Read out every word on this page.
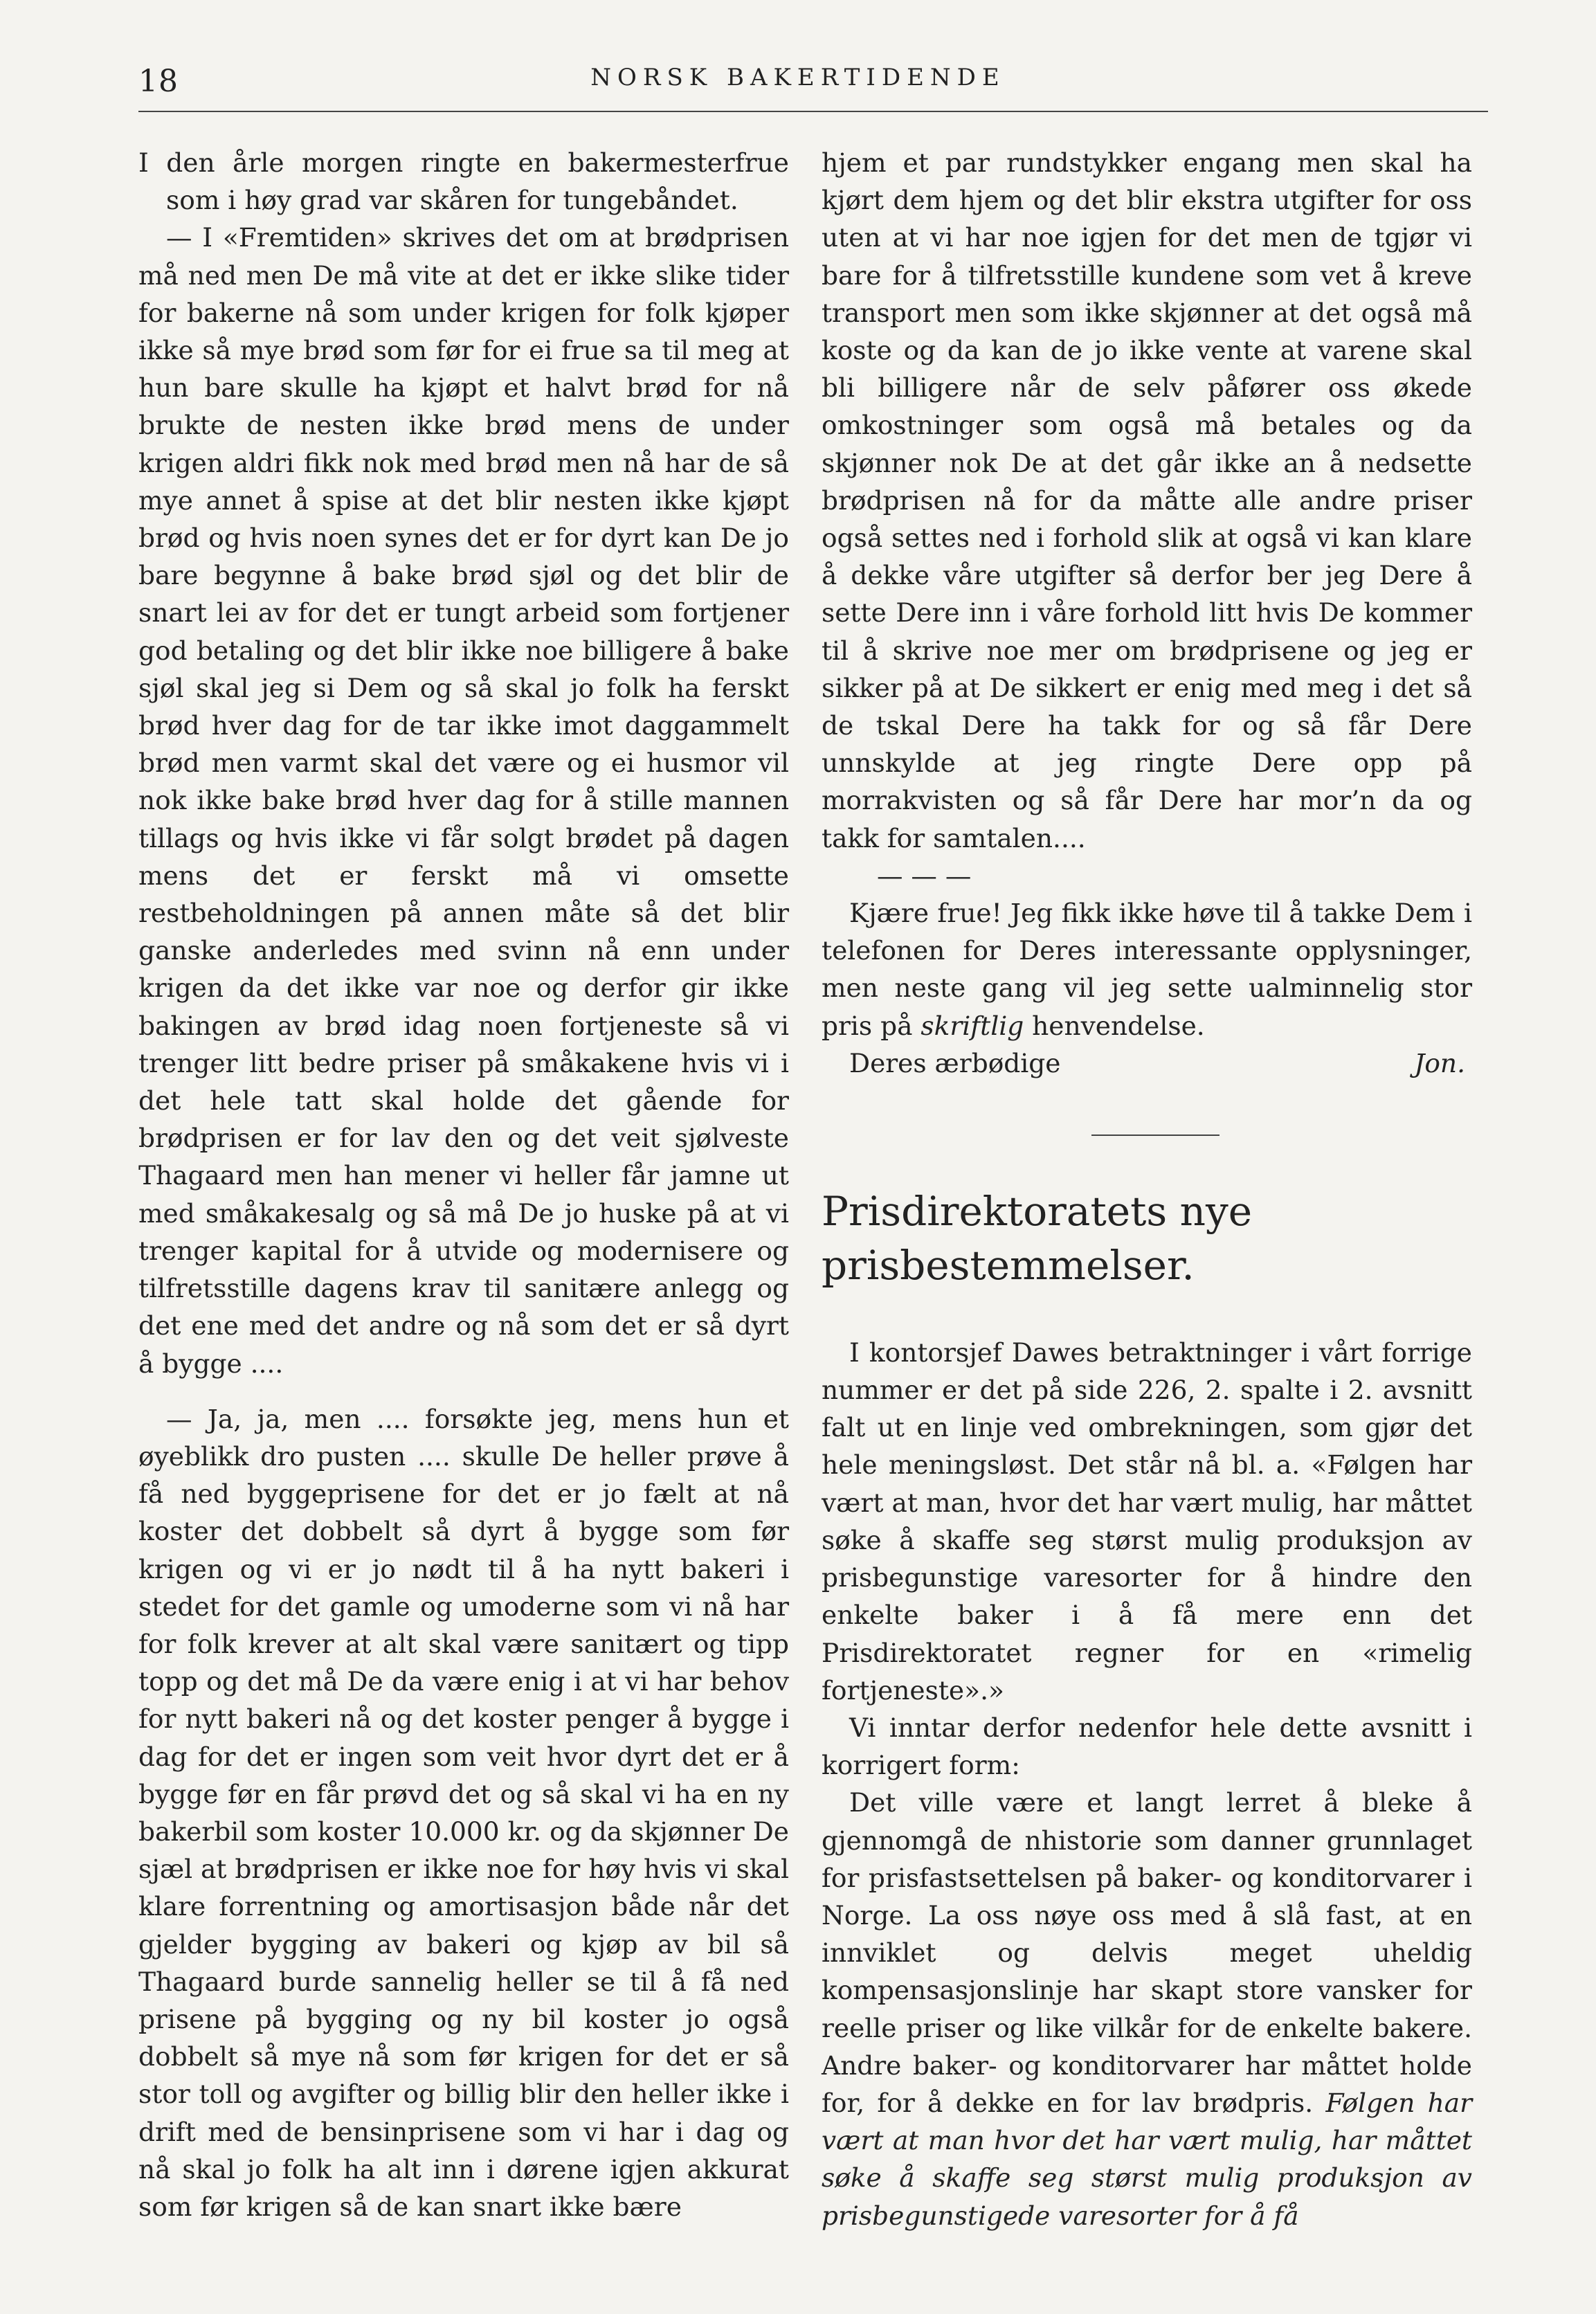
18	NORSK BAKERTIDENDE

I den årle morgen ringte en bakermesterfrue som i høy grad var skåren for tungebåndet.

— I «Fremtiden» skrives det om at brødprisen må ned men De må vite at det er ikke slike tider for bakerne nå som under krigen for folk kjøper ikke så mye brød som før for ei frue sa til meg at hun bare skulle ha kjøpt et halvt brød for nå brukte de nesten ikke brød mens de under krigen aldri fikk nok med brød men nå har de så mye annet å spise at det blir nesten ikke kjøpt brød og hvis noen synes det er for dyrt kan De jo bare begynne å bake brød sjøl og det blir de snart lei av for det er tungt arbeid som fortjener god betaling og det blir ikke noe billigere å bake sjøl skal jeg si Dem og så skal jo folk ha ferskt brød hver dag for de tar ikke imot daggammelt brød men varmt skal det være og ei husmor vil nok ikke bake brød hver dag for å stille mannen tillags og hvis ikke vi får solgt brødet på dagen mens det er ferskt må vi omsette restbeholdningen på annen måte så det blir ganske anderledes med svinn nå enn under krigen da det ikke var noe og derfor gir ikke bakingen av brød idag noen fortjeneste så vi trenger litt bedre priser på småkakene hvis vi i det hele tatt skal holde det gående for brødprisen er for lav den og det veit sjølveste Thagaard men han mener vi heller får jamne ut med småkakesalg og så må De jo huske på at vi trenger kapital for å utvide og modernisere og tilfretsstille dagens krav til sanitære anlegg og det ene med det andre og nå som det er så dyrt å bygge ....

— Ja, ja, men .... forsøkte jeg, mens hun et øyeblikk dro pusten .... skulle De heller prøve å få ned byggeprisene for det er jo fælt at nå koster det dobbelt så dyrt å bygge som før krigen og vi er jo nødt til å ha nytt bakeri i stedet for det gamle og umoderne som vi nå har for folk krever at alt skal være sanitært og tipp topp og det må De da være enig i at vi har behov for nytt bakeri nå og det koster penger å bygge i dag for det er ingen som veit hvor dyrt det er å bygge før en får prøvd det og så skal vi ha en ny bakerbil som koster 10.000 kr. og da skjønner De sjæl at brødprisen er ikke noe for høy hvis vi skal klare forrentning og amortisasjon både når det gjelder bygging av bakeri og kjøp av bil så Thagaard burde sannelig heller se til å få ned prisene på bygging og ny bil koster jo også dobbelt så mye nå som før krigen for det er så stor toll og avgifter og billig blir den heller ikke i drift med de bensinprisene som vi har i dag og nå skal jo folk ha alt inn i dørene igjen akkurat som før krigen så de kan snart ikke bære

hjem et par rundstykker engang men skal ha kjørt dem hjem og det blir ekstra utgifter for oss uten at vi har noe igjen for det men de tgjør vi bare for å tilfretsstille kundene som vet å kreve transport men som ikke skjønner at det også må koste og da kan de jo ikke vente at varene skal bli billigere når de selv påfører oss økede omkostninger som også må betales og da skjønner nok De at det går ikke an å nedsette brødprisen nå for da måtte alle andre priser også settes ned i forhold slik at også vi kan klare å dekke våre utgifter så derfor ber jeg Dere å sette Dere inn i våre forhold litt hvis De kommer til å skrive noe mer om brødprisene og jeg er sikker på at De sikkert er enig med meg i det så de tskal Dere ha takk for og så får Dere unnskylde at jeg ringte Dere opp på morrakvisten og så får Dere har mor’n da og takk for samtalen....

— — —

Kjære frue! Jeg fikk ikke høve til å takke Dem i telefonen for Deres interessante opplysninger, men neste gang vil jeg sette ualminnelig stor pris på skriftlig henvendelse.

Deres ærbødige	Jon.
Prisdirektoratets nye prisbestemmelser.

I kontorsjef Dawes betraktninger i vårt forrige nummer er det på side 226, 2. spalte i 2. avsnitt falt ut en linje ved ombrekningen, som gjør det hele meningsløst. Det står nå bl. a. «Følgen har vært at man, hvor det har vært mulig, har måttet søke å skaffe seg størst mulig produksjon av prisbegunstige varesorter for å hindre den enkelte baker i å få mere enn det Prisdirektoratet regner for en «rimelig fortjeneste».»

Vi inntar derfor nedenfor hele dette avsnitt i korrigert form:

Det ville være et langt lerret å bleke å gjennomgå de nhistorie som danner grunnlaget for prisfastsettelsen på baker- og konditorvarer i Norge. La oss nøye oss med å slå fast, at en innviklet og delvis meget uheldig kompensasjonslinje har skapt store vansker for reelle priser og like vilkår for de enkelte bakere. Andre baker- og konditorvarer har måttet holde for, for å dekke en for lav brødpris. Følgen har vært at man hvor det har vært mulig, har måttet søke å skaffe seg størst mulig produksjon av prisbegunstigede varesorter for å få
